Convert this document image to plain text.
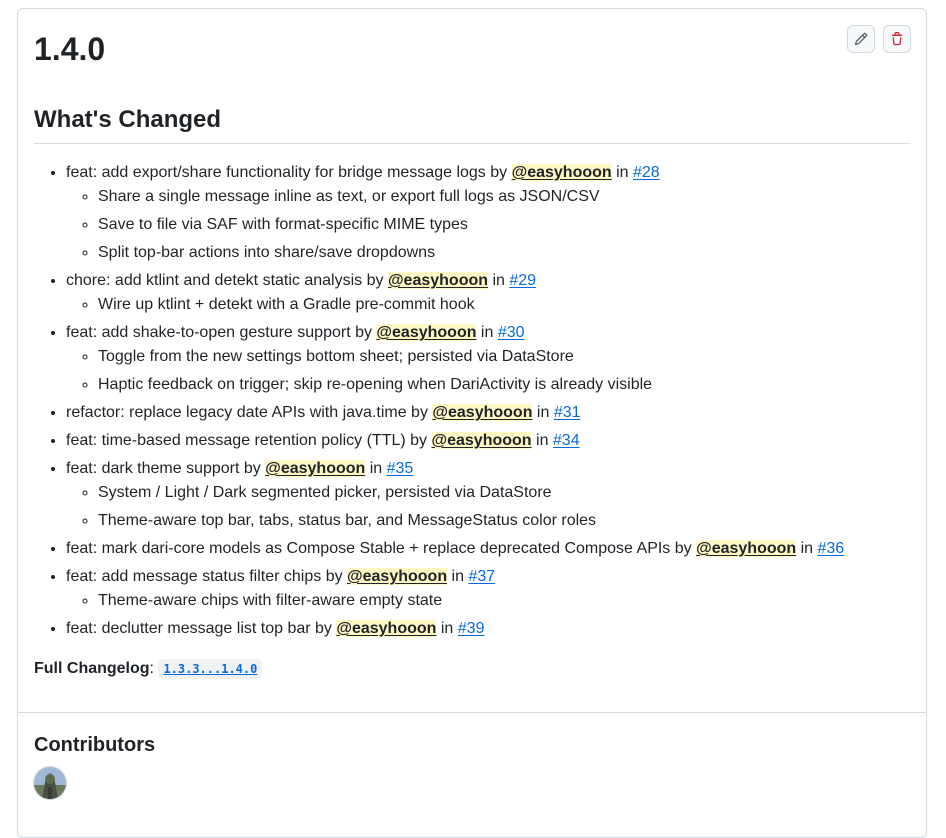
1.4.0
What's Changed
• feat: add export/share functionality for bridge message logs by @easyhooon in #28
◦ Share a single message inline as text, or export full logs as JSON/CSV
◦ Save to file via SAF with format-specific MIME types
◦ Split top-bar actions into share/save dropdowns
• chore: add ktlint and detekt static analysis by @easyhooon in #29
◦ Wire up ktlint + detekt with a Gradle pre-commit hook
• feat: add shake-to-open gesture support by @easyhooon in #30
◦ Toggle from the new settings bottom sheet; persisted via DataStore
◦ Haptic feedback on trigger; skip re-opening when DariActivity is already visible
• refactor: replace legacy date APIs with java.time by @easyhooon in #31
• feat: time-based message retention policy (TTL) by @easyhooon in #34
• feat: dark theme support by @easyhooon in #35
◦ System / Light / Dark segmented picker, persisted via DataStore
◦ Theme-aware top bar, tabs, status bar, and MessageStatus color roles
• feat: mark dari-core models as Compose Stable + replace deprecated Compose APIs by @easyhooon in #36
• feat: add message status filter chips by @easyhooon in #37
◦ Theme-aware chips with filter-aware empty state
• feat: declutter message list top bar by @easyhooon in #39

Full Changelog: 1.3.3...1.4.0

Contributors
